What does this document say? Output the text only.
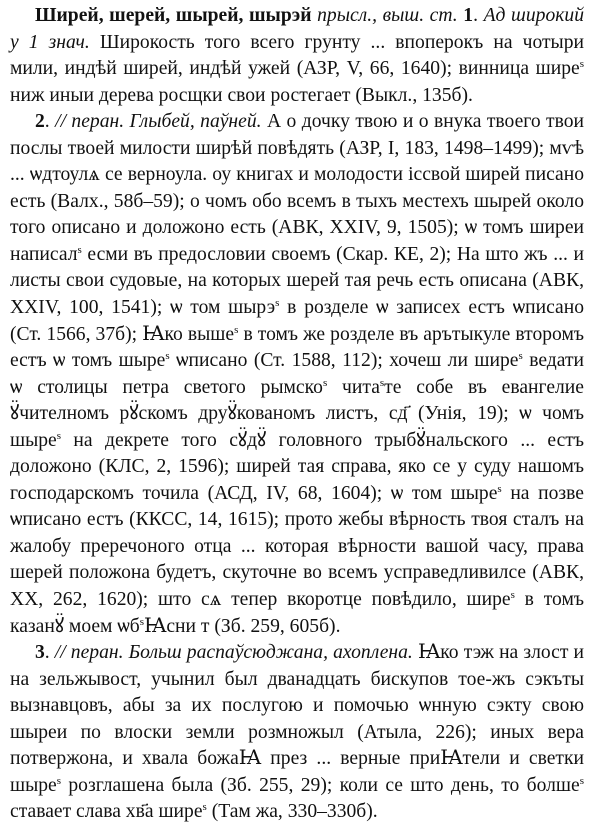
Ширей, шерей, шырей, шырэй прысл., выш. ст. 1. Ад широкий у 1 знач. Широкость того всего грунту ... впоперокъ на чотыри мили, индѣй ширей, индѣй ужей (АЗР, V, 66, 1640); винница шире$^s$ ниж иныи дерева росщки свои ростегает (Выкл., 135б).

2. // перан. Глыбей, паўней. А о дочку твою и о внука твоего твои послы твоей милости ширѣй повѣдять (АЗР, I, 183, 1498–1499); мѵѣ ... ѡдтоулѧ се верноула. оу книгах и молодости іссвой ширей писано есть (Валх., 58б–59); о чомъ обо всемъ в тыхъ местехъ шырей около того описано и доложоно есть (АВК, XXIV, 9, 1505); ѡ томъ ширеи написал$^s$ есми въ предословии своемъ (Скар. КЕ, 2); На што жъ ... и листы свои судовые, на которых шерей тая речь есть описана (АВК, XXIV, 100, 1541); ѡ том шырэ$^s$ в розделе ѡ записех естъ ѡписано (Ст. 1566, 37б); Ꙗко выше$^s$ в томъ же розделе въ арътыкуле второмъ естъ ѡ томъ шыре$^s$ ѡписано (Ст. 1588, 112); хочеш ли шире$^s$ ведати ѡ столицы петра светого рымско$^s$ чита$^s$те собе въ евангелие ꙋ̈чителномъ рꙋ̈скомъ друꙋ̈кованомъ листъ, сд҃ (Унія, 19); ѡ чомъ шыре$^s$ на декрете того сꙋ̈дꙋ̈ головного трыбꙋ̈нальского ... естъ доложоно (КЛС, 2, 1596); ширей тая справа, яко се у суду нашомъ господарскомъ точила (АСД, IV, 68, 1604); ѡ том шыре$^s$ на позве ѡписано естъ (ККСС, 14, 1615); прото жебы вѣрность твоя сталъ на жалобу преречоного отца ... которая вѣрности вашой часу, права шерей положона будетъ, скуточне во всемъ усправедливилсе (АВК, XX, 262, 1620); што сѧ тепер вкоротце повѣдило, шире$^s$ в томъ казанꙋ̈ моем $ѡб^sꙖсни$ т (Зб. 259, 605б).

3. // перан. Больш распаўсюджана, ахоплена. Ꙗко тэж на злост и на зельжывост, учынил был дванадцать бискупов тое-жъ сэкъты вызнавцовъ, абы за их послугою и помочью ѡнную сэкту свою шыреи по влоски земли розмножыл (Атыла, 226); иных вера потвержона, и хвала божаꙖ през ... верные приꙖтели и светки шыре$^s$ розглашена была (Зб. 255, 29); коли се што день, то болше$^s$ ставает слава хв҃а шире$^s$ (Там жа, 330–330б).
